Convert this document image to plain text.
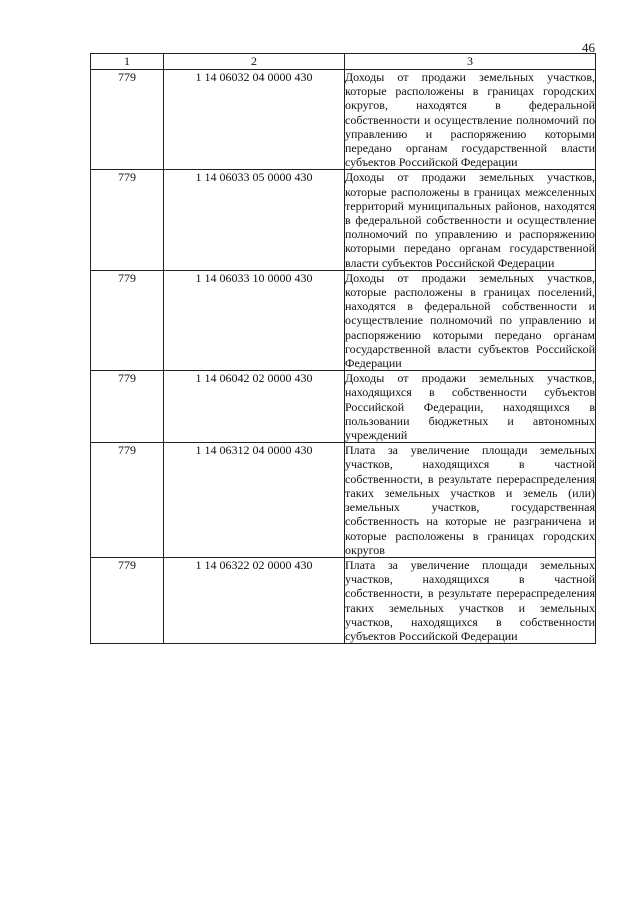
46
1	2	3
779	1 14 06032 04 0000 430	Доходы от продажи земельных участков, которые расположены в границах городских округов, находятся в федеральной собственности и осуществление полномочий по управлению и распоряжению которыми передано органам государственной власти субъектов Российской Федерации
779	1 14 06033 05 0000 430	Доходы от продажи земельных участков, которые расположены в границах межселенных территорий муниципальных районов, находятся в федеральной собственности и осуществление полномочий по управлению и распоряжению которыми передано органам государственной власти субъектов Российской Федерации
779	1 14 06033 10 0000 430	Доходы от продажи земельных участков, которые расположены в границах поселений, находятся в федеральной собственности и осуществление полномочий по управлению и распоряжению которыми передано органам государственной власти субъектов Российской Федерации
779	1 14 06042 02 0000 430	Доходы от продажи земельных участков, находящихся в собственности субъектов Российской Федерации, находящихся в пользовании бюджетных и автономных учреждений
779	1 14 06312 04 0000 430	Плата за увеличение площади земельных участков, находящихся в частной собственности, в результате перераспределения таких земельных участков и земель (или) земельных участков, государственная собственность на которые не разграничена и которые расположены в границах городских округов
779	1 14 06322 02 0000 430	Плата за увеличение площади земельных участков, находящихся в частной собственности, в результате перераспределения таких земельных участков и земельных участков, находящихся в собственности субъектов Российской Федерации
